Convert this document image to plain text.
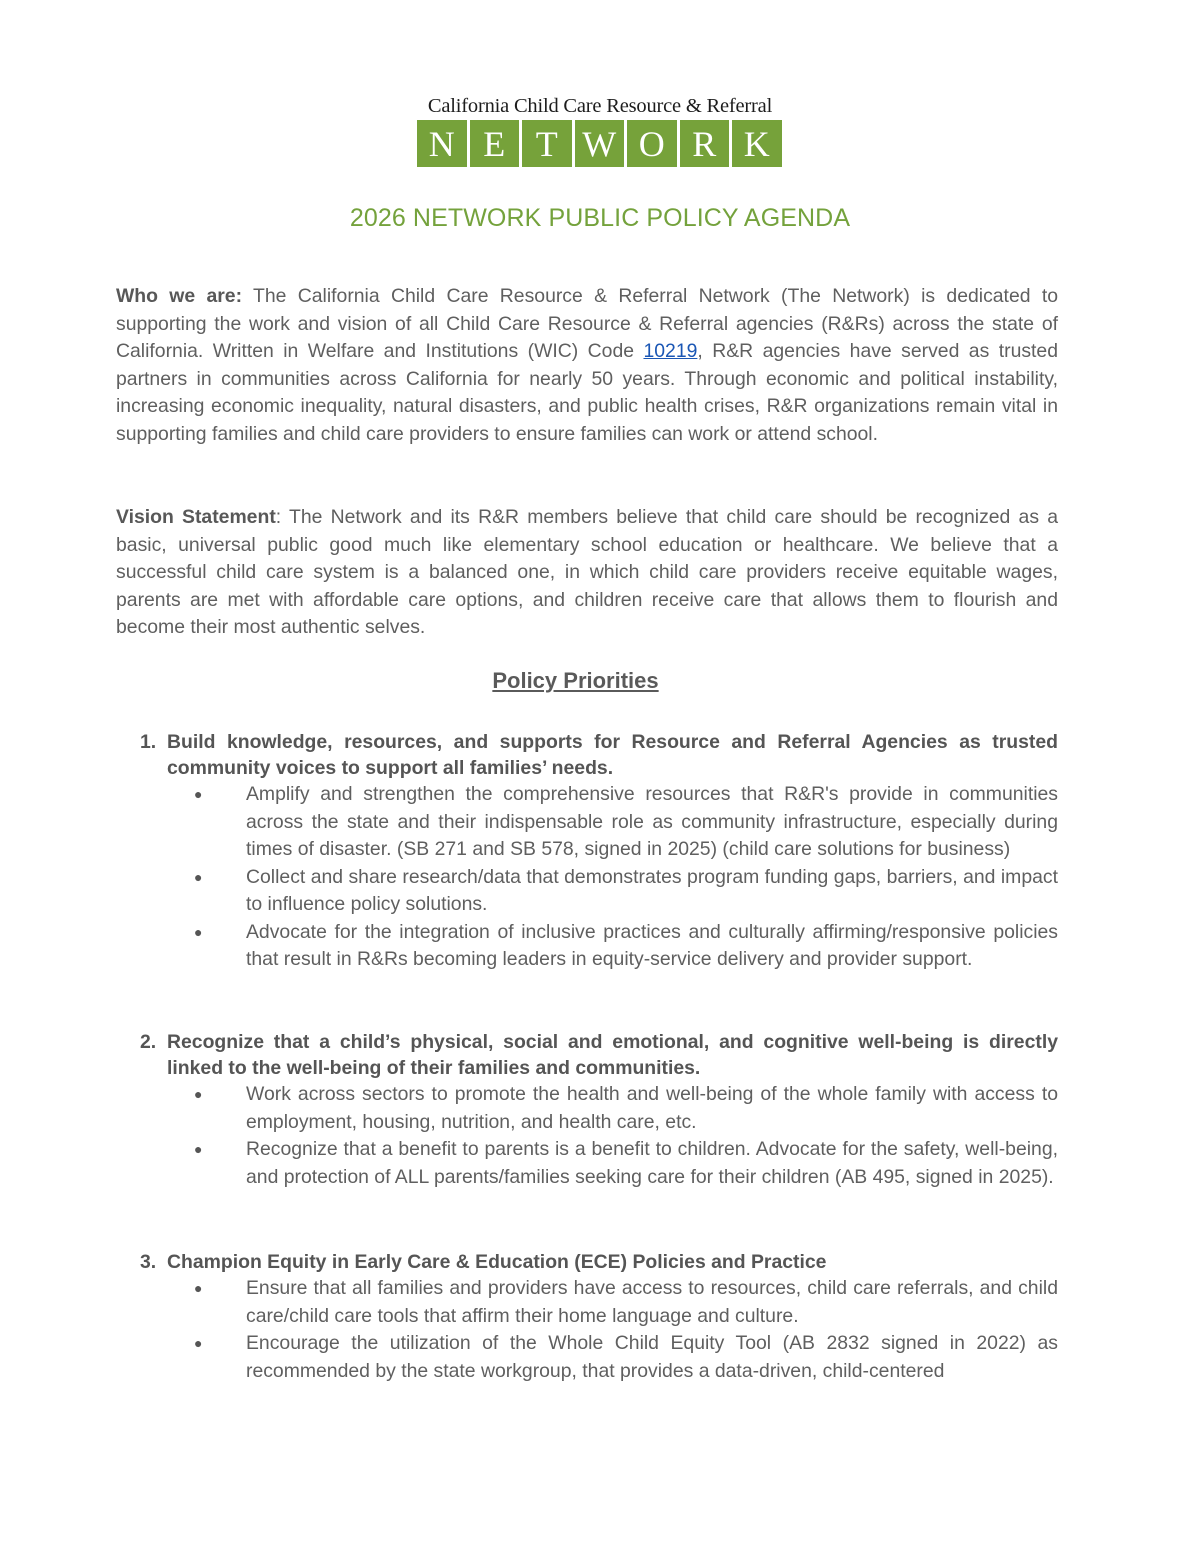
California Child Care Resource & Referral
N E T W O R K
2026 NETWORK PUBLIC POLICY AGENDA
Who we are: The California Child Care Resource & Referral Network (The Network) is dedicated to supporting the work and vision of all Child Care Resource & Referral agencies (R&Rs) across the state of California. Written in Welfare and Institutions (WIC) Code 10219, R&R agencies have served as trusted partners in communities across California for nearly 50 years. Through economic and political instability, increasing economic inequality, natural disasters, and public health crises, R&R organizations remain vital in supporting families and child care providers to ensure families can work or attend school.
Vision Statement: The Network and its R&R members believe that child care should be recognized as a basic, universal public good much like elementary school education or healthcare. We believe that a successful child care system is a balanced one, in which child care providers receive equitable wages, parents are met with affordable care options, and children receive care that allows them to flourish and become their most authentic selves.
Policy Priorities
1. Build knowledge, resources, and supports for Resource and Referral Agencies as trusted community voices to support all families’ needs.
●	Amplify and strengthen the comprehensive resources that R&R's provide in communities across the state and their indispensable role as community infrastructure, especially during times of disaster. (SB 271 and SB 578, signed in 2025) (child care solutions for business)
●	Collect and share research/data that demonstrates program funding gaps, barriers, and impact to influence policy solutions.
●	Advocate for the integration of inclusive practices and culturally affirming/responsive policies that result in R&Rs becoming leaders in equity-service delivery and provider support.
2. Recognize that a child’s physical, social and emotional, and cognitive well-being is directly linked to the well-being of their families and communities.
●	Work across sectors to promote the health and well-being of the whole family with access to employment, housing, nutrition, and health care, etc.
●	Recognize that a benefit to parents is a benefit to children. Advocate for the safety, well-being, and protection of ALL parents/families seeking care for their children (AB 495, signed in 2025).
3. Champion Equity in Early Care & Education (ECE) Policies and Practice
●	Ensure that all families and providers have access to resources, child care referrals, and child care/child care tools that affirm their home language and culture.
●	Encourage the utilization of the Whole Child Equity Tool (AB 2832 signed in 2022) as recommended by the state workgroup, that provides a data-driven, child-centered
